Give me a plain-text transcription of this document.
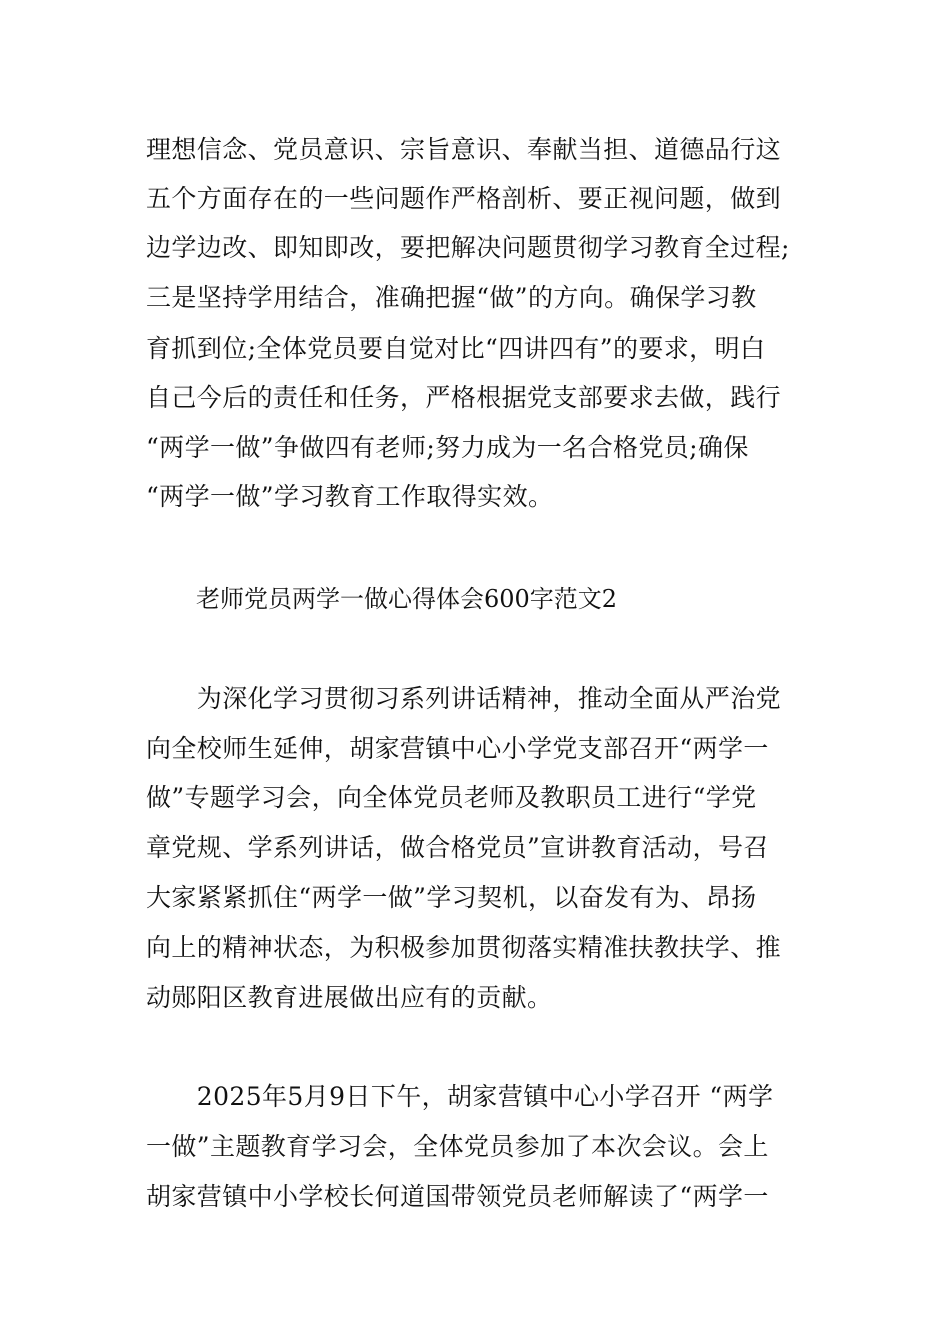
理想信念、党员意识、宗旨意识、奉献当担、道德品行这
五个方面存在的一些问题作严格剖析、要正视问题，做到
边学边改、即知即改，要把解决问题贯彻学习教育全过程;
三是坚持学用结合，准确把握“做”的方向。确保学习教
育抓到位;全体党员要自觉对比“四讲四有”的要求，明白
自己今后的责任和任务，严格根据党支部要求去做，践行
“两学一做”争做四有老师;努力成为一名合格党员;确保
“两学一做”学习教育工作取得实效。
老师党员两学一做心得体会600字范文2
　　为深化学习贯彻习系列讲话精神，推动全面从严治党
向全校师生延伸，胡家营镇中心小学党支部召开“两学一
做”专题学习会，向全体党员老师及教职员工进行“学党
章党规、学系列讲话，做合格党员”宣讲教育活动，号召
大家紧紧抓住“两学一做”学习契机，以奋发有为、昂扬
向上的精神状态，为积极参加贯彻落实精准扶教扶学、推
动郧阳区教育进展做出应有的贡献。
　　2025年5月9日下午，胡家营镇中心小学召开 “两学
一做”主题教育学习会，全体党员参加了本次会议。会上
胡家营镇中小学校长何道国带领党员老师解读了“两学一
